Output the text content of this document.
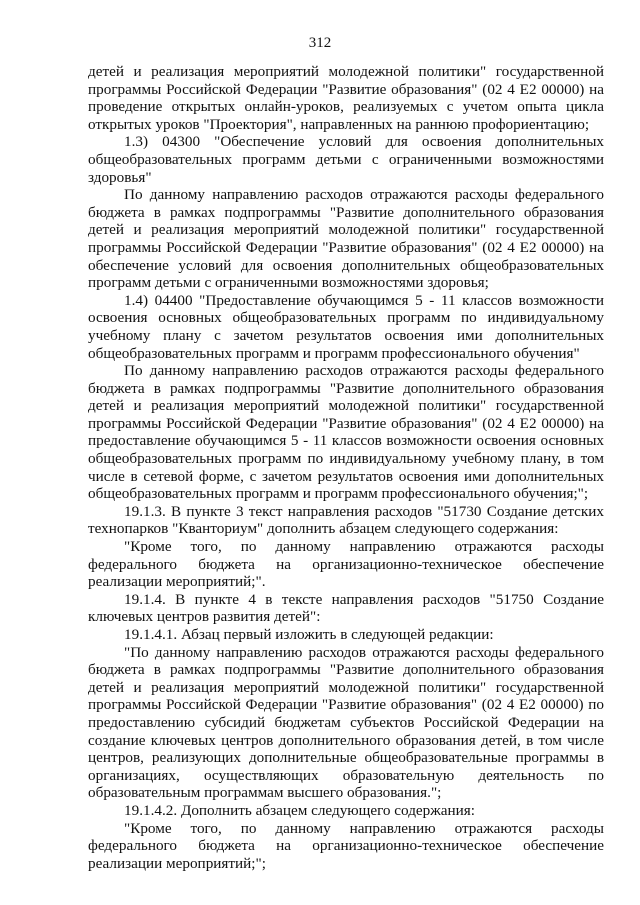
312

детей и реализация мероприятий молодежной политики" государственной программы Российской Федерации "Развитие образования" (02 4 Е2 00000) на проведение открытых онлайн-уроков, реализуемых с учетом опыта цикла открытых уроков "Проектория", направленных на раннюю профориентацию;

1.3) 04300 "Обеспечение условий для освоения дополнительных общеобразовательных программ детьми с ограниченными возможностями здоровья"

По данному направлению расходов отражаются расходы федерального бюджета в рамках подпрограммы "Развитие дополнительного образования детей и реализация мероприятий молодежной политики" государственной программы Российской Федерации "Развитие образования" (02 4 Е2 00000) на обеспечение условий для освоения дополнительных общеобразовательных программ детьми с ограниченными возможностями здоровья;

1.4) 04400 "Предоставление обучающимся 5 - 11 классов возможности освоения основных общеобразовательных программ по индивидуальному учебному плану с зачетом результатов освоения ими дополнительных общеобразовательных программ и программ профессионального обучения"

По данному направлению расходов отражаются расходы федерального бюджета в рамках подпрограммы "Развитие дополнительного образования детей и реализация мероприятий молодежной политики" государственной программы Российской Федерации "Развитие образования" (02 4 Е2 00000) на предоставление обучающимся 5 - 11 классов возможности освоения основных общеобразовательных программ по индивидуальному учебному плану, в том числе в сетевой форме, с зачетом результатов освоения ими дополнительных общеобразовательных программ и программ профессионального обучения;";

19.1.3. В пункте 3 текст направления расходов "51730 Создание детских технопарков "Кванториум" дополнить абзацем следующего содержания:

"Кроме того, по данному направлению отражаются расходы федерального бюджета на организационно-техническое обеспечение реализации мероприятий;".

19.1.4. В пункте 4 в тексте направления расходов "51750 Создание ключевых центров развития детей":

19.1.4.1. Абзац первый изложить в следующей редакции:

"По данному направлению расходов отражаются расходы федерального бюджета в рамках подпрограммы "Развитие дополнительного образования детей и реализация мероприятий молодежной политики" государственной программы Российской Федерации "Развитие образования" (02 4 Е2 00000) по предоставлению субсидий бюджетам субъектов Российской Федерации на создание ключевых центров дополнительного образования детей, в том числе центров, реализующих дополнительные общеобразовательные программы в организациях, осуществляющих образовательную деятельность по образовательным программам высшего образования.";

19.1.4.2. Дополнить абзацем следующего содержания:

"Кроме того, по данному направлению отражаются расходы федерального бюджета на организационно-техническое обеспечение реализации мероприятий;";
